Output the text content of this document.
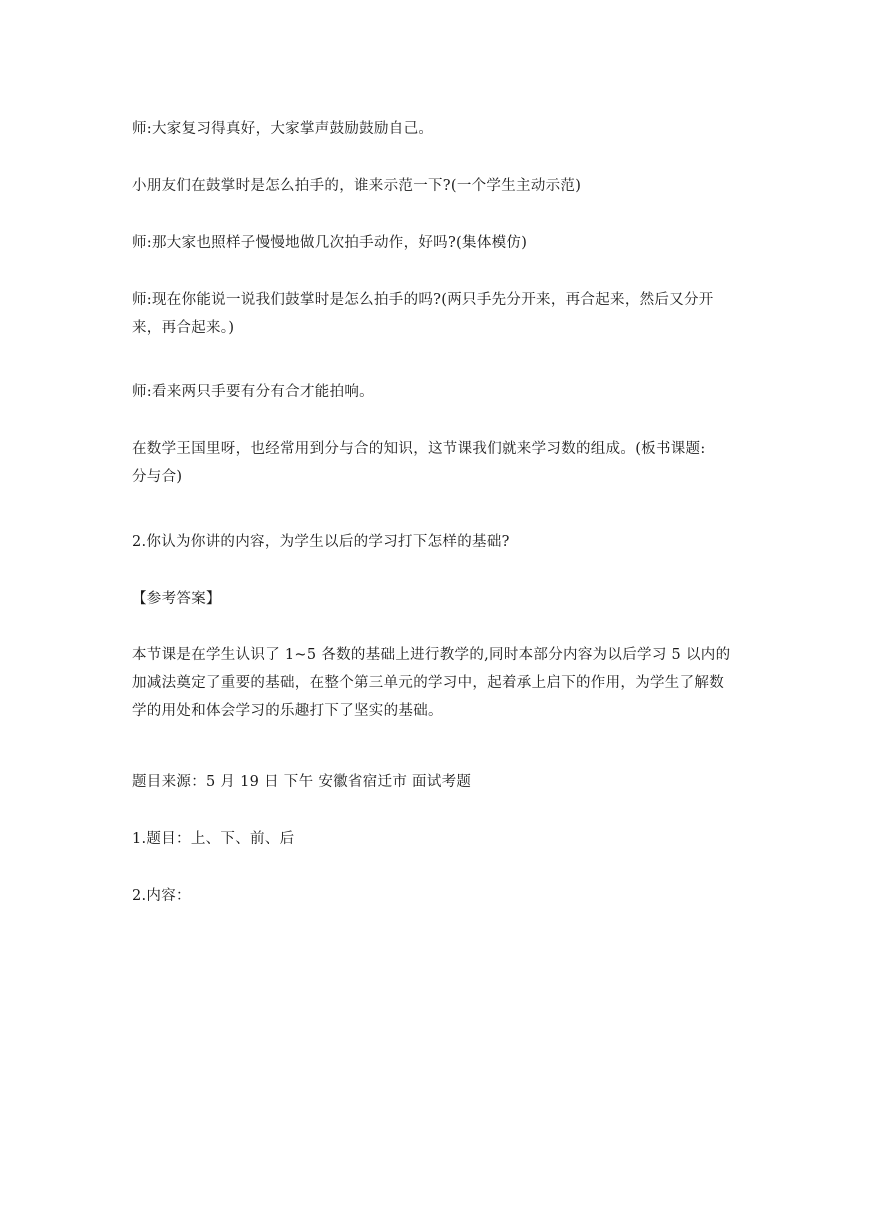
师:大家复习得真好，大家掌声鼓励鼓励自己。

小朋友们在鼓掌时是怎么拍手的，谁来示范一下?(一个学生主动示范)

师:那大家也照样子慢慢地做几次拍手动作，好吗?(集体模仿)

师:现在你能说一说我们鼓掌时是怎么拍手的吗?(两只手先分开来，再合起来，然后又分开
来，再合起来。)

师:看来两只手要有分有合才能拍响。

在数学王国里呀，也经常用到分与合的知识，这节课我们就来学习数的组成。(板书课题:
分与合)

2.你认为你讲的内容，为学生以后的学习打下怎样的基础?

【参考答案】

本节课是在学生认识了 1~5 各数的基础上进行教学的,同时本部分内容为以后学习 5 以内的
加减法奠定了重要的基础，在整个第三单元的学习中，起着承上启下的作用，为学生了解数
学的用处和体会学习的乐趣打下了坚实的基础。

题目来源：5 月 19 日 下午 安徽省宿迁市 面试考题

1.题目：上、下、前、后

2.内容：
